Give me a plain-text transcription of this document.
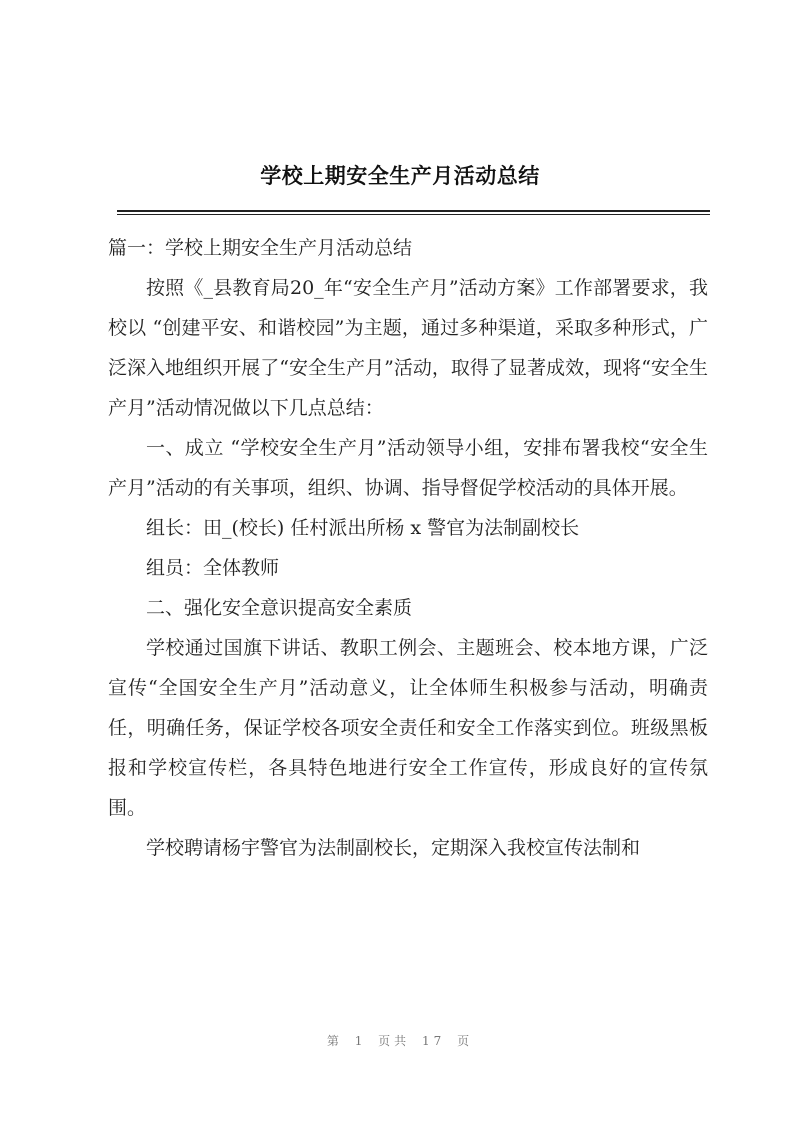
学校上期安全生产月活动总结

篇一：学校上期安全生产月活动总结

按照《_县教育局20_年“安全生产月”活动方案》工作部署要求，我校以 “创建平安、和谐校园”为主题，通过多种渠道，采取多种形式，广泛深入地组织开展了“安全生产月”活动，取得了显著成效，现将“安全生产月”活动情况做以下几点总结：

一、成立 “学校安全生产月”活动领导小组，安排布署我校“安全生产月”活动的有关事项，组织、协调、指导督促学校活动的具体开展。

组长：田_(校长) 任村派出所杨 x 警官为法制副校长

组员：全体教师

二、强化安全意识提高安全素质

学校通过国旗下讲话、教职工例会、主题班会、校本地方课，广泛宣传“全国安全生产月”活动意义，让全体师生积极参与活动，明确责任，明确任务，保证学校各项安全责任和安全工作落实到位。班级黑板报和学校宣传栏，各具特色地进行安全工作宣传，形成良好的宣传氛围。

学校聘请杨宇警官为法制副校长，定期深入我校宣传法制和

第 1 页共 17 页
